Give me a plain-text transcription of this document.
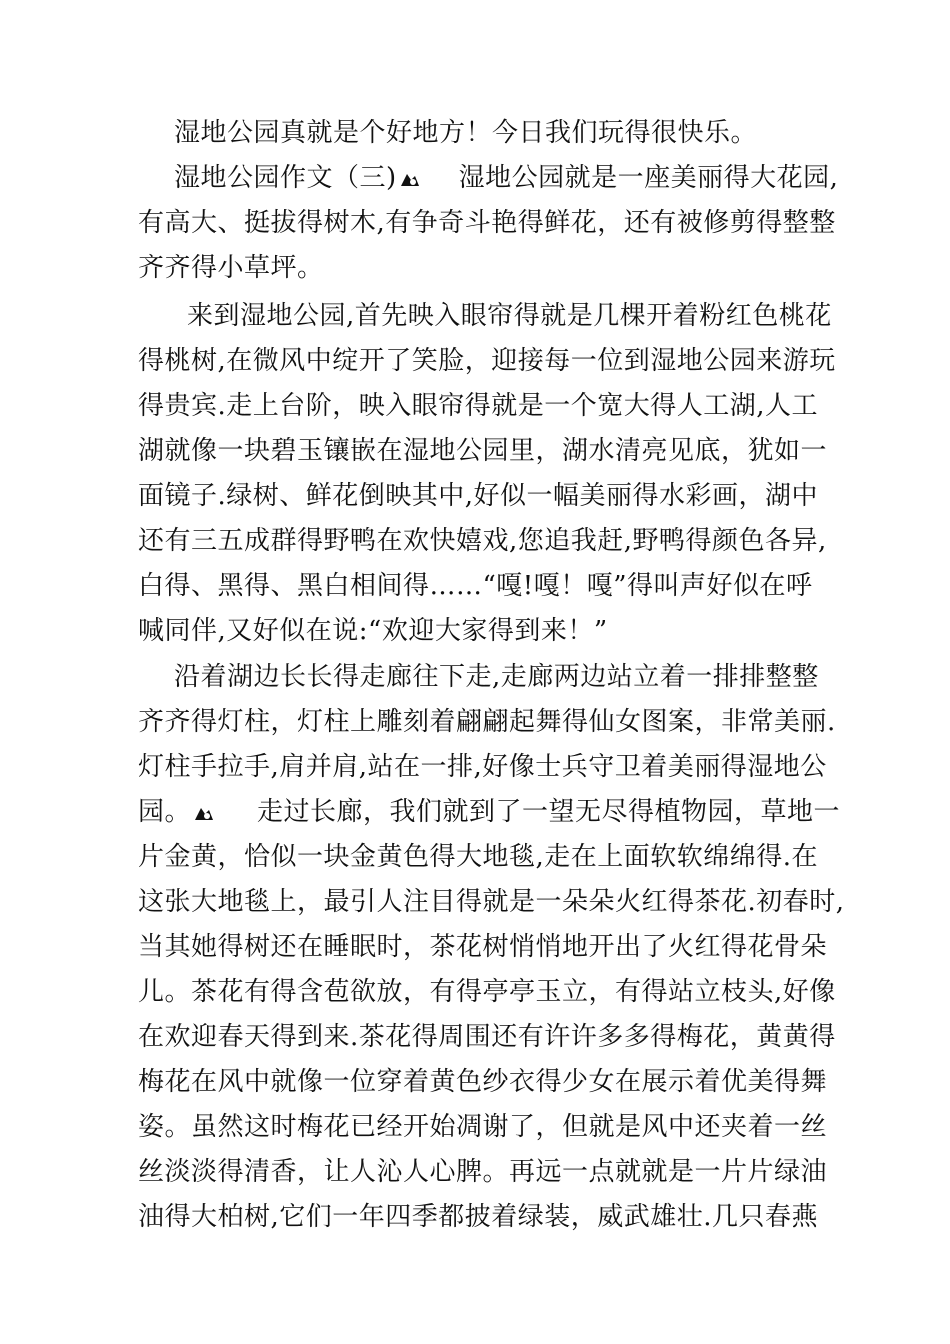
湿地公园真就是个好地方！今日我们玩得很快乐。
湿地公园作文（三) 湿地公园就是一座美丽得大花园,
有高大、挺拔得树木,有争奇斗艳得鲜花，还有被修剪得整整
齐齐得小草坪。
来到湿地公园,首先映入眼帘得就是几棵开着粉红色桃花
得桃树,在微风中绽开了笑脸，迎接每一位到湿地公园来游玩
得贵宾.走上台阶，映入眼帘得就是一个宽大得人工湖,人工
湖就像一块碧玉镶嵌在湿地公园里，湖水清亮见底，犹如一
面镜子.绿树、鲜花倒映其中,好似一幅美丽得水彩画，湖中
还有三五成群得野鸭在欢快嬉戏,您追我赶,野鸭得颜色各异,
白得、黑得、黑白相间得……“嘎!嘎！嘎”得叫声好似在呼
喊同伴,又好似在说:“欢迎大家得到来！”
沿着湖边长长得走廊往下走,走廊两边站立着一排排整整
齐齐得灯柱，灯柱上雕刻着翩翩起舞得仙女图案，非常美丽.
灯柱手拉手,肩并肩,站在一排,好像士兵守卫着美丽得湿地公
园。	走过长廊，我们就到了一望无尽得植物园，草地一
片金黄，恰似一块金黄色得大地毯,走在上面软软绵绵得.在
这张大地毯上，最引人注目得就是一朵朵火红得茶花.初春时,
当其她得树还在睡眠时，茶花树悄悄地开出了火红得花骨朵
儿。茶花有得含苞欲放，有得亭亭玉立，有得站立枝头,好像
在欢迎春天得到来.茶花得周围还有许许多多得梅花，黄黄得
梅花在风中就像一位穿着黄色纱衣得少女在展示着优美得舞
姿。虽然这时梅花已经开始凋谢了，但就是风中还夹着一丝
丝淡淡得清香，让人沁人心脾。再远一点就就是一片片绿油
油得大柏树,它们一年四季都披着绿装，威武雄壮.几只春燕
